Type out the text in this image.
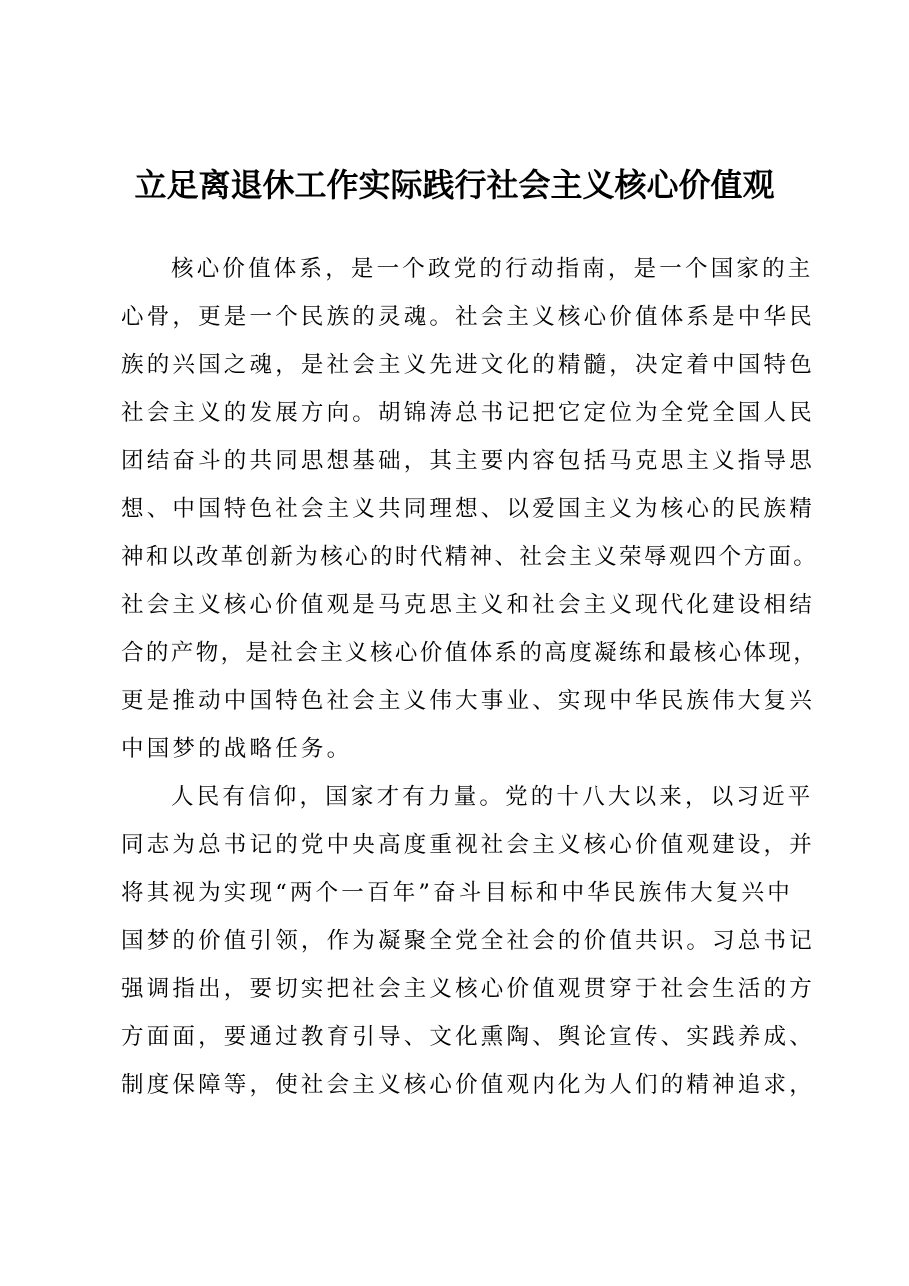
立足离退休工作实际践行社会主义核心价值观
核心价值体系，是一个政党的行动指南，是一个国家的主
心骨，更是一个民族的灵魂。社会主义核心价值体系是中华民
族的兴国之魂，是社会主义先进文化的精髓，决定着中国特色
社会主义的发展方向。胡锦涛总书记把它定位为全党全国人民
团结奋斗的共同思想基础，其主要内容包括马克思主义指导思
想、中国特色社会主义共同理想、以爱国主义为核心的民族精
神和以改革创新为核心的时代精神、社会主义荣辱观四个方面。
社会主义核心价值观是马克思主义和社会主义现代化建设相结
合的产物，是社会主义核心价值体系的高度凝练和最核心体现，
更是推动中国特色社会主义伟大事业、实现中华民族伟大复兴
中国梦的战略任务。
人民有信仰，国家才有力量。党的十八大以来，以习近平
同志为总书记的党中央高度重视社会主义核心价值观建设，并
将其视为实现“两个一百年”奋斗目标和中华民族伟大复兴中
国梦的价值引领，作为凝聚全党全社会的价值共识。习总书记
强调指出，要切实把社会主义核心价值观贯穿于社会生活的方
方面面，要通过教育引导、文化熏陶、舆论宣传、实践养成、
制度保障等，使社会主义核心价值观内化为人们的精神追求，
